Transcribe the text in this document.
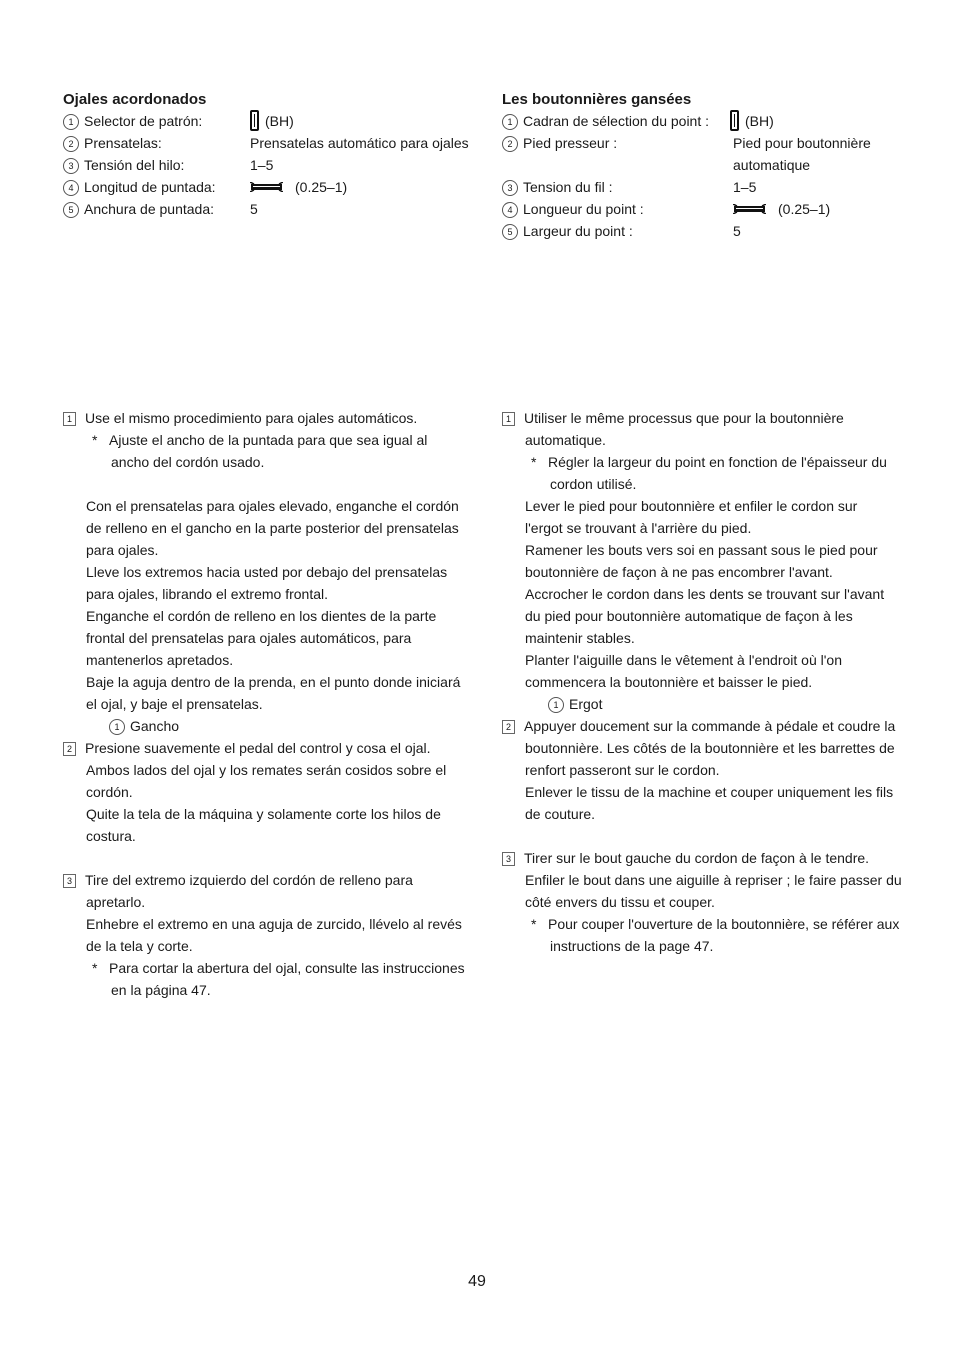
Ojales acordonados

1 Selector de patrón:	(BH)
2 Prensatelas:	Prensatelas automático para ojales
3 Tensión del hilo:	1–5
4 Longitud de puntada:	(0.25–1)
5 Anchura de puntada:	5

Les boutonnières gansées

1 Cadran de sélection du point :	(BH)
2 Pied presseur :	Pied pour boutonnière
automatique
3 Tension du fil :	1–5
4 Longueur du point :	(0.25–1)
5 Largeur du point :	5
1 Use el mismo procedimiento para ojales automáticos.
* Ajuste el ancho de la puntada para que sea igual al
ancho del cordón usado.
Con el prensatelas para ojales elevado, enganche el cordón
de relleno en el gancho en la parte posterior del prensatelas
para ojales.
Lleve los extremos hacia usted por debajo del prensatelas
para ojales, librando el extremo frontal.
Enganche el cordón de relleno en los dientes de la parte
frontal del prensatelas para ojales automáticos, para
mantenerlos apretados.
Baje la aguja dentro de la prenda, en el punto donde iniciará
el ojal, y baje el prensatelas.
1 Gancho
2 Presione suavemente el pedal del control y cosa el ojal.
Ambos lados del ojal y los remates serán cosidos sobre el
cordón.
Quite la tela de la máquina y solamente corte los hilos de
costura.
3 Tire del extremo izquierdo del cordón de relleno para
apretarlo.
Enhebre el extremo en una aguja de zurcido, llévelo al revés
de la tela y corte.
* Para cortar la abertura del ojal, consulte las instrucciones
en la página 47.
1 Utiliser le même processus que pour la boutonnière
automatique.
* Régler la largeur du point en fonction de l'épaisseur du
cordon utilisé.
Lever le pied pour boutonnière et enfiler le cordon sur
l'ergot se trouvant à l'arrière du pied.
Ramener les bouts vers soi en passant sous le pied pour
boutonnière de façon à ne pas encombrer l'avant.
Accrocher le cordon dans les dents se trouvant sur l'avant
du pied pour boutonnière automatique de façon à les
maintenir stables.
Planter l'aiguille dans le vêtement à l'endroit où l'on
commencera la boutonnière et baisser le pied.
1 Ergot
2 Appuyer doucement sur la commande à pédale et coudre la
boutonnière. Les côtés de la boutonnière et les barrettes de
renfort passeront sur le cordon.
Enlever le tissu de la machine et couper uniquement les fils
de couture.
3 Tirer sur le bout gauche du cordon de façon à le tendre.
Enfiler le bout dans une aiguille à repriser ; le faire passer du
côté envers du tissu et couper.
* Pour couper l'ouverture de la boutonnière, se référer aux
instructions de la page 47.
49
